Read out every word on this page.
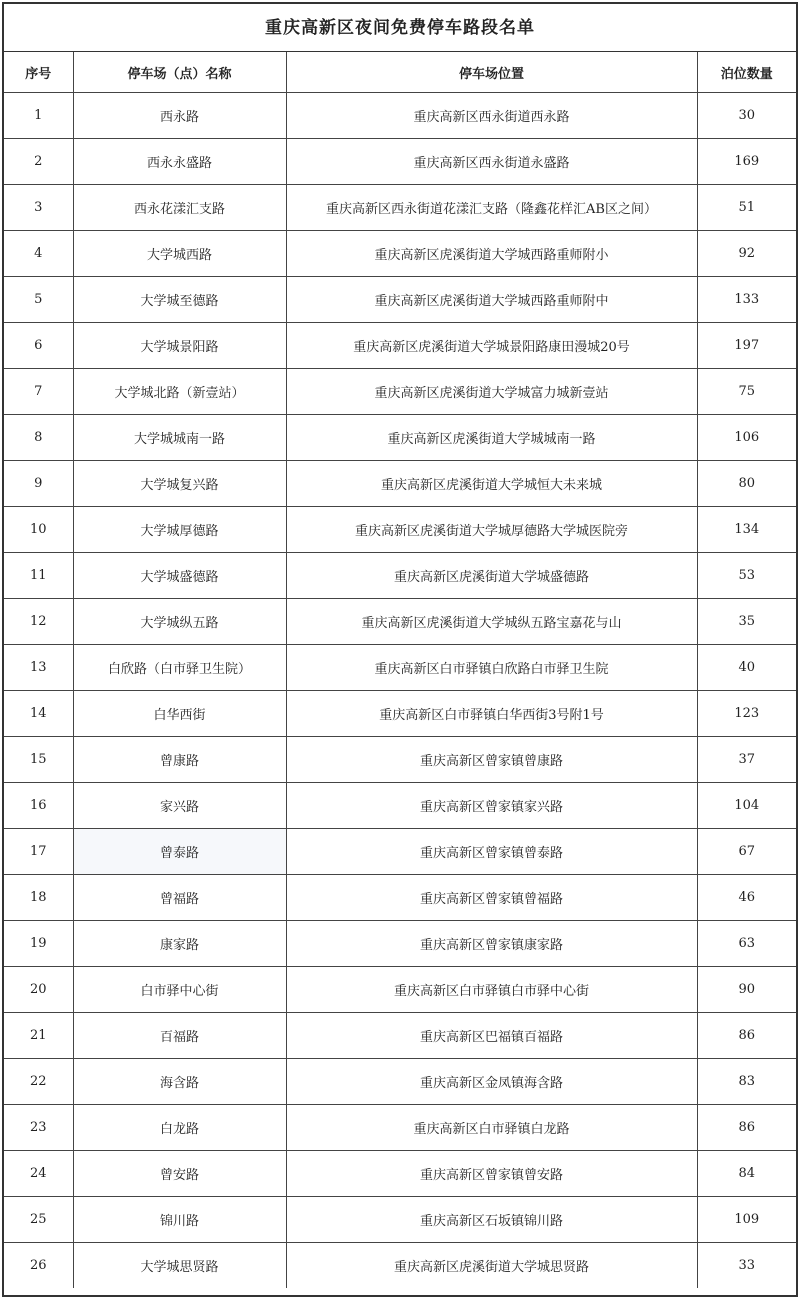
重庆高新区夜间免费停车路段名单
序号	停车场（点）名称	停车场位置	泊位数量
1	西永路	重庆高新区西永街道西永路	30
2	西永永盛路	重庆高新区西永街道永盛路	169
3	西永花漾汇支路	重庆高新区西永街道花漾汇支路（隆鑫花样汇AB区之间）	51
4	大学城西路	重庆高新区虎溪街道大学城西路重师附小	92
5	大学城至德路	重庆高新区虎溪街道大学城西路重师附中	133
6	大学城景阳路	重庆高新区虎溪街道大学城景阳路康田漫城20号	197
7	大学城北路（新壹站）	重庆高新区虎溪街道大学城富力城新壹站	75
8	大学城城南一路	重庆高新区虎溪街道大学城城南一路	106
9	大学城复兴路	重庆高新区虎溪街道大学城恒大未来城	80
10	大学城厚德路	重庆高新区虎溪街道大学城厚德路大学城医院旁	134
11	大学城盛德路	重庆高新区虎溪街道大学城盛德路	53
12	大学城纵五路	重庆高新区虎溪街道大学城纵五路宝嘉花与山	35
13	白欣路（白市驿卫生院）	重庆高新区白市驿镇白欣路白市驿卫生院	40
14	白华西街	重庆高新区白市驿镇白华西街3号附1号	123
15	曾康路	重庆高新区曾家镇曾康路	37
16	家兴路	重庆高新区曾家镇家兴路	104
17	曾泰路	重庆高新区曾家镇曾泰路	67
18	曾福路	重庆高新区曾家镇曾福路	46
19	康家路	重庆高新区曾家镇康家路	63
20	白市驿中心街	重庆高新区白市驿镇白市驿中心街	90
21	百福路	重庆高新区巴福镇百福路	86
22	海含路	重庆高新区金凤镇海含路	83
23	白龙路	重庆高新区白市驿镇白龙路	86
24	曾安路	重庆高新区曾家镇曾安路	84
25	锦川路	重庆高新区石坂镇锦川路	109
26	大学城思贤路	重庆高新区虎溪街道大学城思贤路	33
